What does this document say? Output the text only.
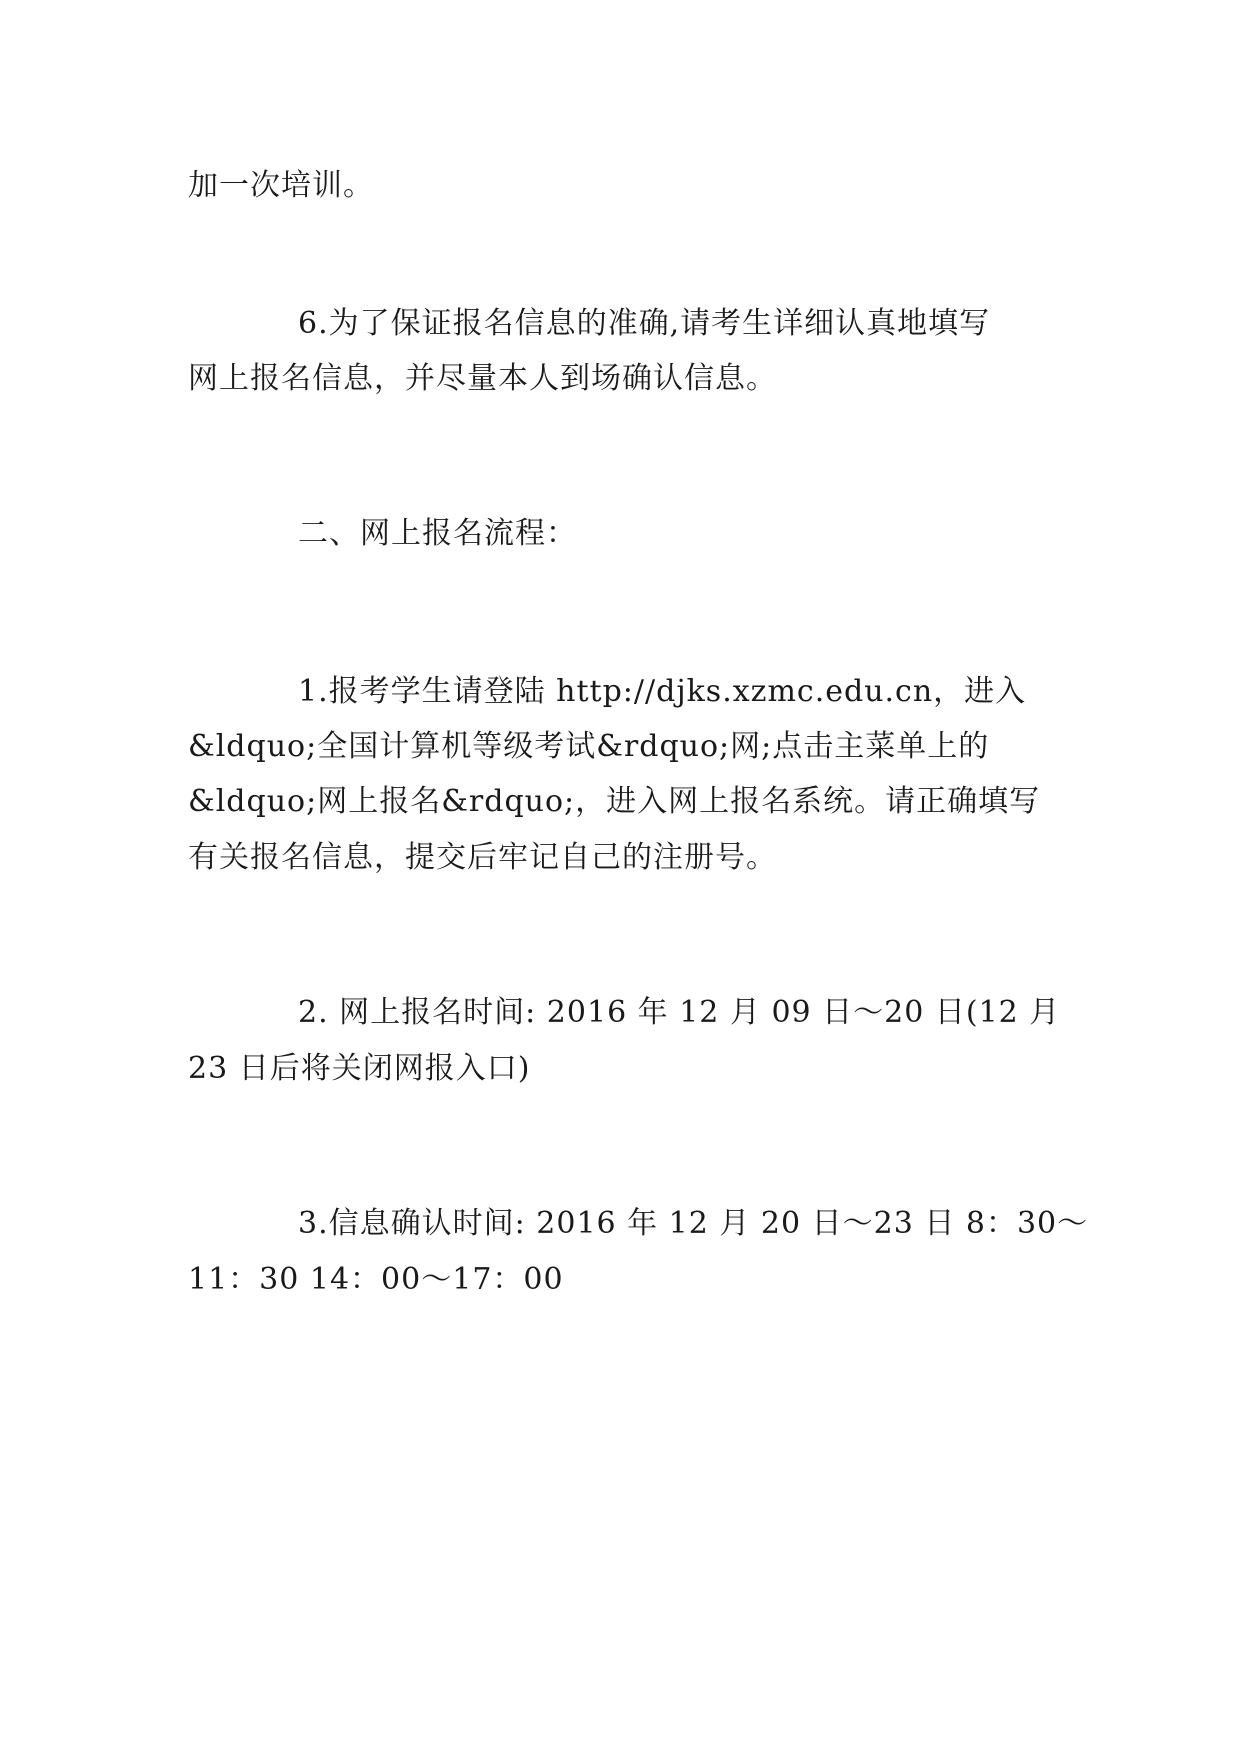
加一次培训。
6.为了保证报名信息的准确,请考生详细认真地填写
网上报名信息，并尽量本人到场确认信息。
二、网上报名流程：
1.报考学生请登陆 http://djks.xzmc.edu.cn，进入
&ldquo;全国计算机等级考试&rdquo;网;点击主菜单上的
&ldquo;网上报名&rdquo;，进入网上报名系统。请正确填写
有关报名信息，提交后牢记自己的注册号。
2. 网上报名时间: 2016 年 12 月 09 日～20 日(12 月
23 日后将关闭网报入口)
3.信息确认时间: 2016 年 12 月 20 日～23 日 8：30～
11：30 14：00～17：00
